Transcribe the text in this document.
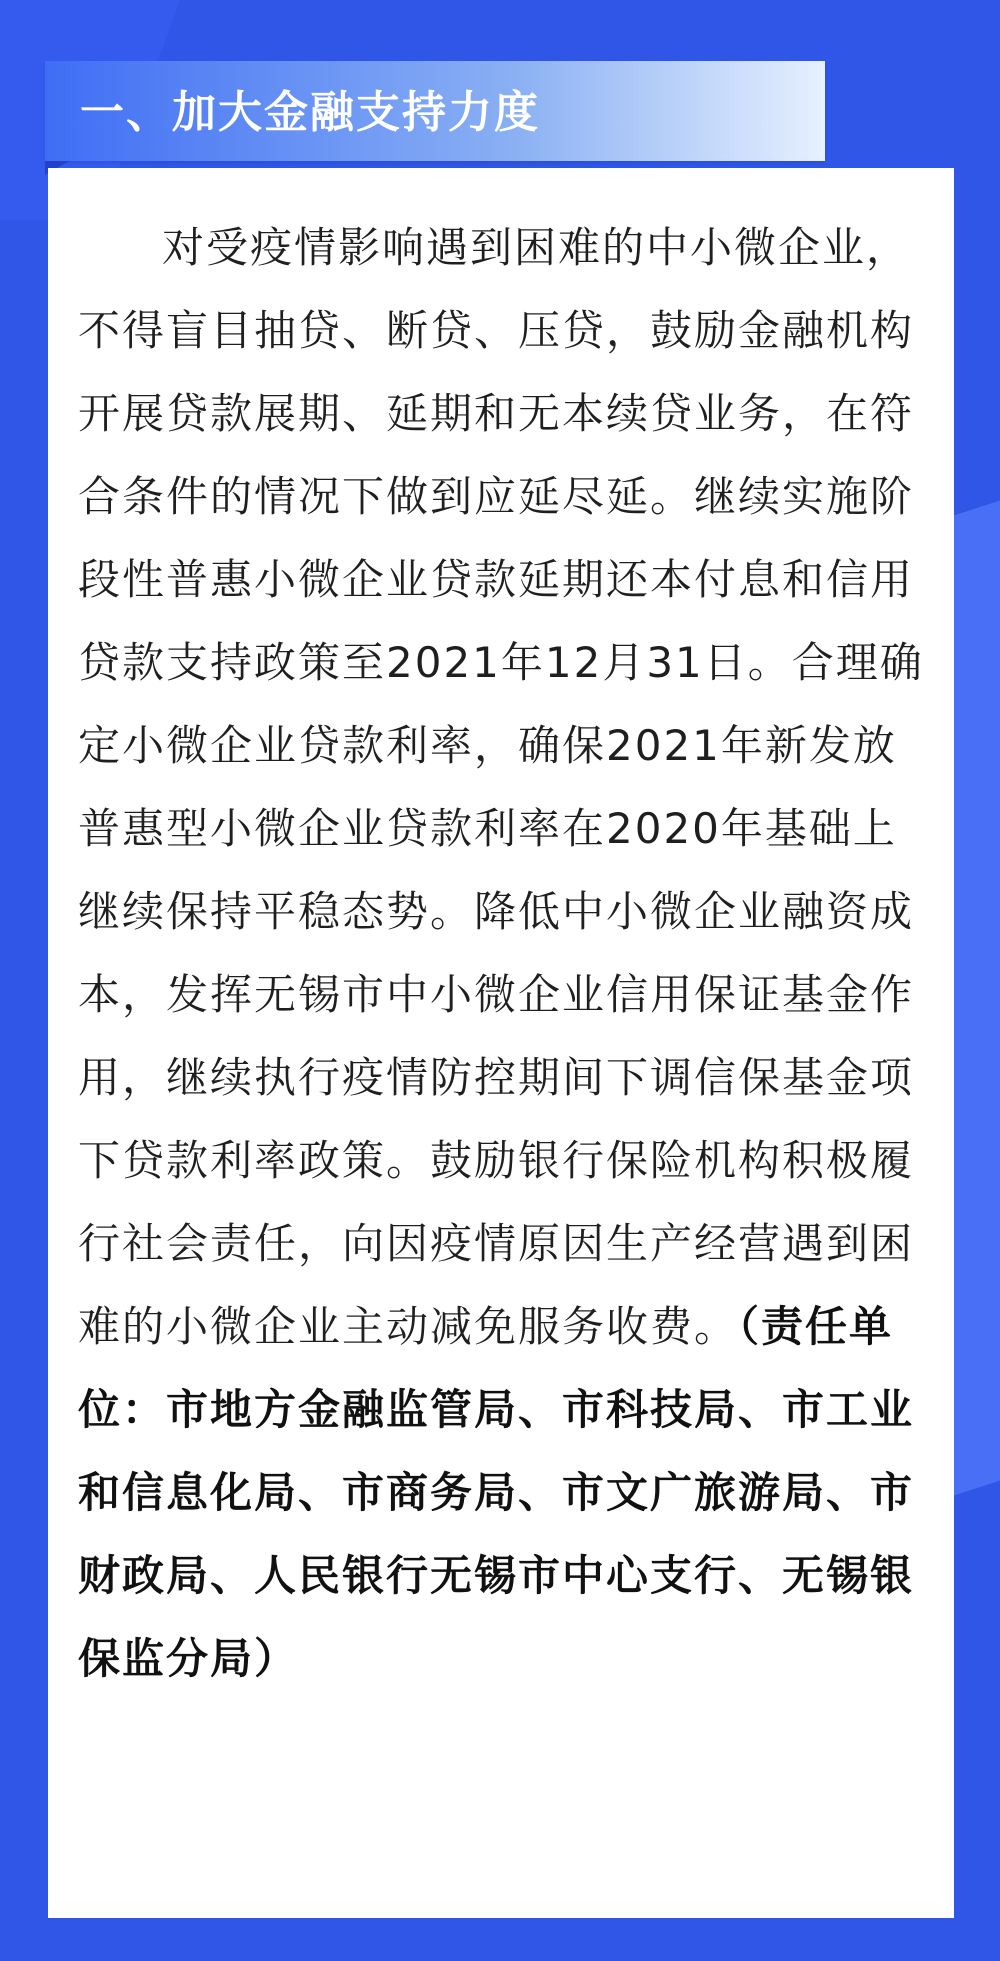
一、加大金融支持力度

对受疫情影响遇到困难的中小微企业，不得盲目抽贷、断贷、压贷，鼓励金融机构开展贷款展期、延期和无本续贷业务，在符合条件的情况下做到应延尽延。继续实施阶段性普惠小微企业贷款延期还本付息和信用贷款支持政策至2021年12月31日。合理确定小微企业贷款利率，确保2021年新发放普惠型小微企业贷款利率在2020年基础上继续保持平稳态势。降低中小微企业融资成本，发挥无锡市中小微企业信用保证基金作用，继续执行疫情防控期间下调信保基金项下贷款利率政策。鼓励银行保险机构积极履行社会责任，向因疫情原因生产经营遇到困难的小微企业主动减免服务收费。（责任单位：市地方金融监管局、市科技局、市工业和信息化局、市商务局、市文广旅游局、市财政局、人民银行无锡市中心支行、无锡银保监分局）
